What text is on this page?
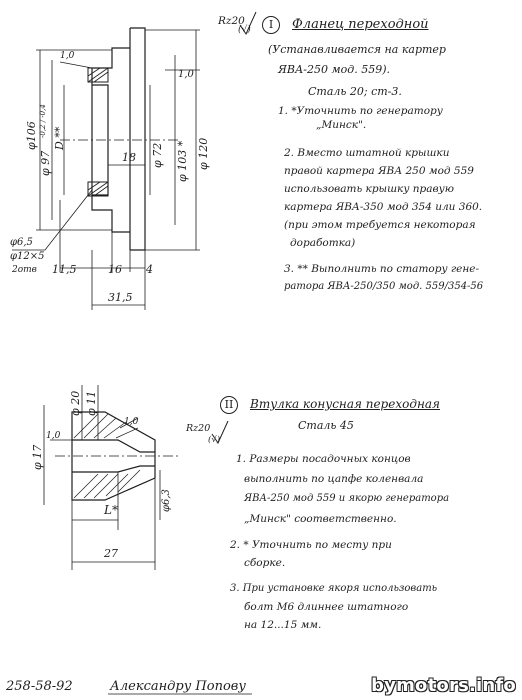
Rz20
(√)	I	Фланец переходной
(Устанавливается на картер
ЯВА-250 мод. 559).
Сталь 20; ст-3.
1. *Уточнить по генератору
„Минск".
2. Вместо штатной крышки
правой картера ЯВА 250 мод 559
использовать крышку правую
картера ЯВА-350 мод 354 или 360.
(при этом требуется некоторая
доработка)
3. ** Выполнить по статору гене-
ратора ЯВА-250/350 мод. 559/354-56
φ106
φ 97
-0,2 / -0,4
D **
φ 72 φ 103 * φ 120
1,0
1,0
18
φ6,5
φ12×5
2отв 11,5	16 4
31,5
II	Втулка конусная переходная
Сталь 45
Rz20
(√)
1. Размеры посадочных концов
выполнить по цапфе коленвала
ЯВА-250 мод 559 и якорю генератора
„Минск" соответственно.
2. * Уточнить по месту при
сборке.
3. При установке якоря использовать
болт М6 длиннее штатного
на 12...15 мм.
φ 17
φ 20 φ 11
1,0
1,0
φ6,3
L*
27
258-58-92	Александру Попову	bymotors.info
